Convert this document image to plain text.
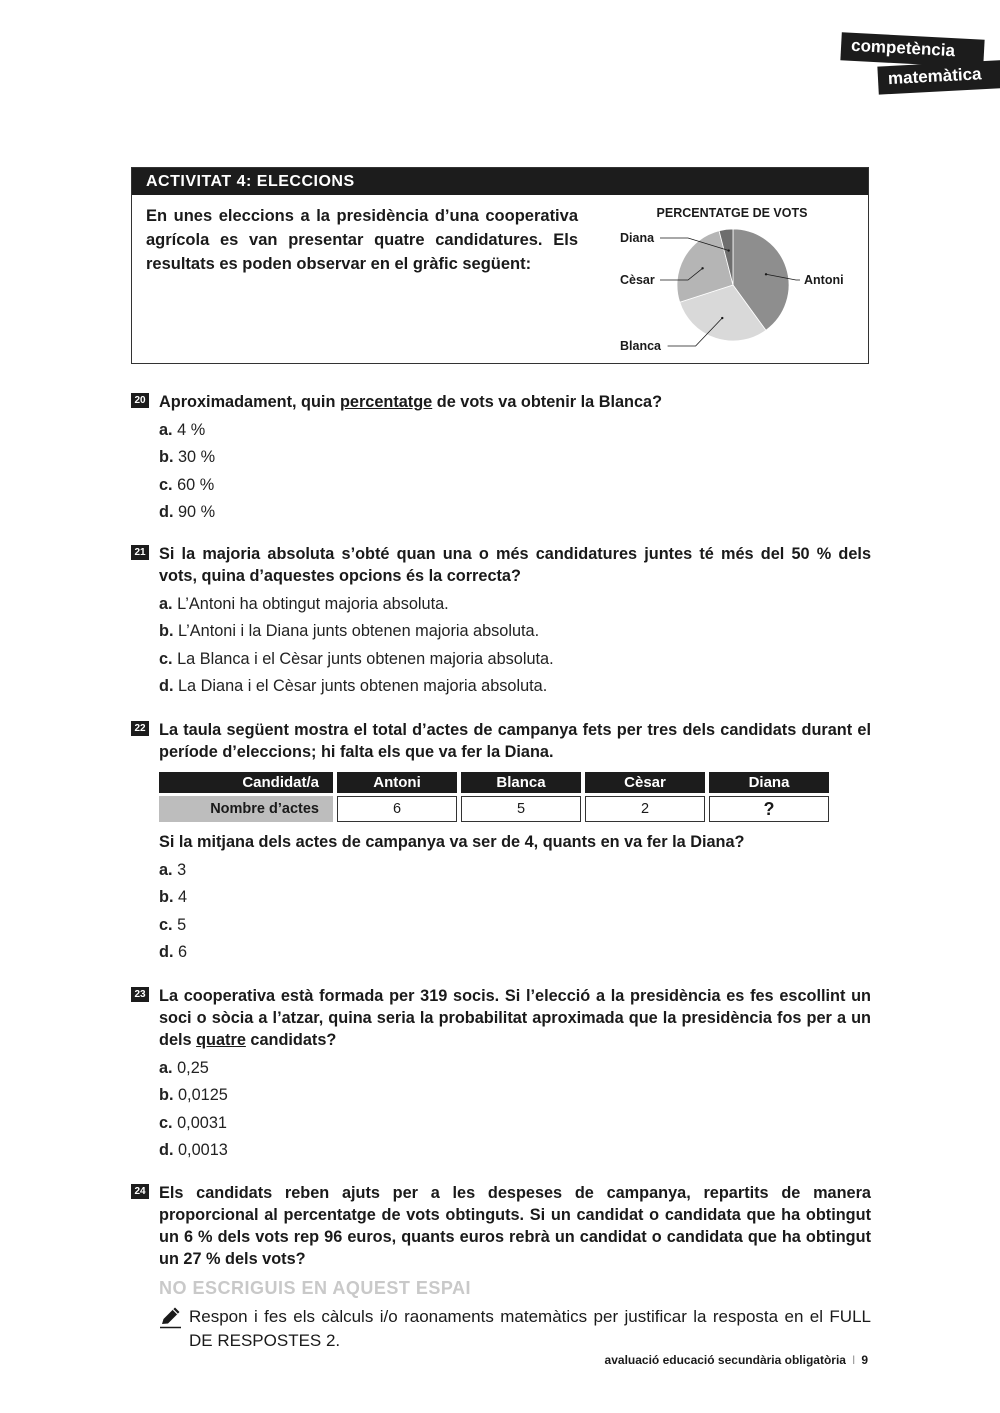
competència
matemàtica
ACTIVITAT 4: ELECCIONS
En unes eleccions a la presidència d’una cooperativa agrícola es van presentar quatre candidatures. Els resultats es poden observar en el gràfic següent:
PERCENTATGE DE VOTS
Antoni
Blanca
Cèsar
Diana
20 Aproximadament, quin percentatge de vots va obtenir la Blanca?
a. 4 %
b. 30 %
c. 60 %
d. 90 %
21 Si la majoria absoluta s’obté quan una o més candidatures juntes té més del 50 % dels vots, quina d’aquestes opcions és la correcta?
a. L’Antoni ha obtingut majoria absoluta.
b. L’Antoni i la Diana junts obtenen majoria absoluta.
c. La Blanca i el Cèsar junts obtenen majoria absoluta.
d. La Diana i el Cèsar junts obtenen majoria absoluta.
22 La taula següent mostra el total d’actes de campanya fets per tres dels candidats durant el període d’eleccions; hi falta els que va fer la Diana.
Candidat/a	Antoni	Blanca	Cèsar	Diana
Nombre d’actes	6	5	2	?
Si la mitjana dels actes de campanya va ser de 4, quants en va fer la Diana?
a. 3
b. 4
c. 5
d. 6
23 La cooperativa està formada per 319 socis. Si l’elecció a la presidència es fes escollint un soci o sòcia a l’atzar, quina seria la probabilitat aproximada que la presidència fos per a un dels quatre candidats?
a. 0,25
b. 0,0125
c. 0,0031
d. 0,0013
24 Els candidats reben ajuts per a les despeses de campanya, repartits de manera proporcional al percentatge de vots obtinguts. Si un candidat o candidata que ha obtingut un 6 % dels vots rep 96 euros, quants euros rebrà un candidat o candidata que ha obtingut un 27 % dels vots?
NO ESCRIGUIS EN AQUEST ESPAI
Respon i fes els càlculs i/o raonaments matemàtics per justificar la resposta en el FULL DE RESPOSTES 2.
avaluació educació secundària obligatòria I 9
